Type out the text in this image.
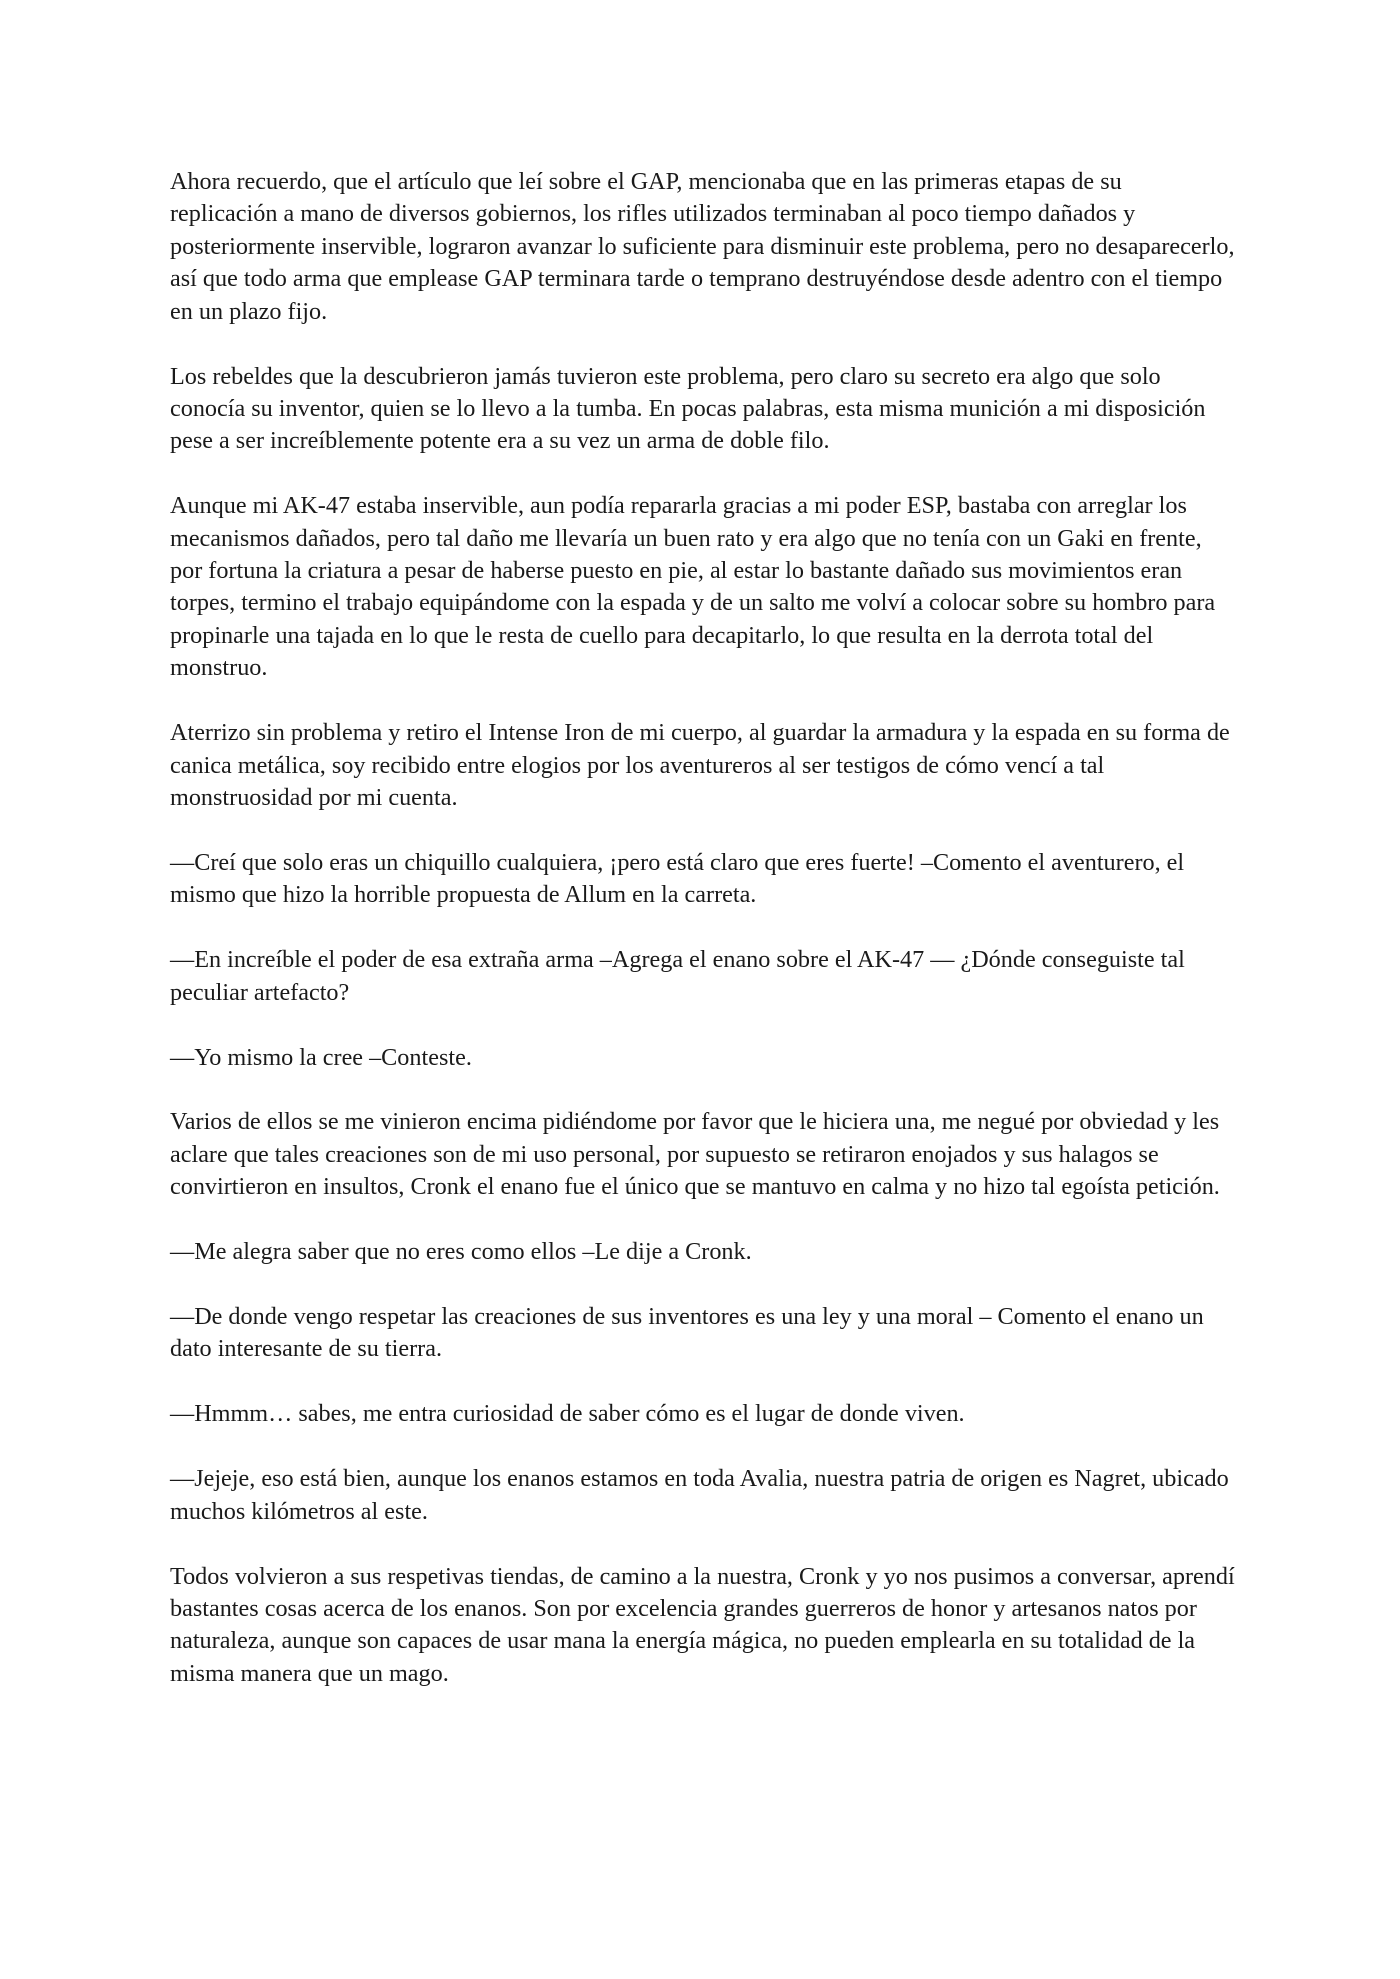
Ahora recuerdo, que el artículo que leí sobre el GAP, mencionaba que en las primeras etapas de su replicación a mano de diversos gobiernos, los rifles utilizados terminaban al poco tiempo dañados y posteriormente inservible, lograron avanzar lo suficiente para disminuir este problema, pero no desaparecerlo, así que todo arma que emplease GAP terminara tarde o temprano destruyéndose desde adentro con el tiempo en un plazo fijo.

Los rebeldes que la descubrieron jamás tuvieron este problema, pero claro su secreto era algo que solo conocía su inventor, quien se lo llevo a la tumba. En pocas palabras, esta misma munición a mi disposición pese a ser increíblemente potente era a su vez un arma de doble filo.

Aunque mi AK-47 estaba inservible, aun podía repararla gracias a mi poder ESP, bastaba con arreglar los mecanismos dañados, pero tal daño me llevaría un buen rato y era algo que no tenía con un Gaki en frente, por fortuna la criatura a pesar de haberse puesto en pie, al estar lo bastante dañado sus movimientos eran torpes, termino el trabajo equipándome con la espada y de un salto me volví a colocar sobre su hombro para propinarle una tajada en lo que le resta de cuello para decapitarlo, lo que resulta en la derrota total del monstruo.

Aterrizo sin problema y retiro el Intense Iron de mi cuerpo, al guardar la armadura y la espada en su forma de canica metálica, soy recibido entre elogios por los aventureros al ser testigos de cómo vencí a tal monstruosidad por mi cuenta.

—Creí que solo eras un chiquillo cualquiera, ¡pero está claro que eres fuerte! –Comento el aventurero, el mismo que hizo la horrible propuesta de Allum en la carreta.

—En increíble el poder de esa extraña arma –Agrega el enano sobre el AK-47 — ¿Dónde conseguiste tal peculiar artefacto?

—Yo mismo la cree –Conteste.

Varios de ellos se me vinieron encima pidiéndome por favor que le hiciera una, me negué por obviedad y les aclare que tales creaciones son de mi uso personal, por supuesto se retiraron enojados y sus halagos se convirtieron en insultos, Cronk el enano fue el único que se mantuvo en calma y no hizo tal egoísta petición.

—Me alegra saber que no eres como ellos –Le dije a Cronk.

—De donde vengo respetar las creaciones de sus inventores es una ley y una moral – Comento el enano un dato interesante de su tierra.

—Hmmm… sabes, me entra curiosidad de saber cómo es el lugar de donde viven.

—Jejeje, eso está bien, aunque los enanos estamos en toda Avalia, nuestra patria de origen es Nagret, ubicado muchos kilómetros al este.

Todos volvieron a sus respetivas tiendas, de camino a la nuestra, Cronk y yo nos pusimos a conversar, aprendí bastantes cosas acerca de los enanos. Son por excelencia grandes guerreros de honor y artesanos natos por naturaleza, aunque son capaces de usar mana la energía mágica, no pueden emplearla en su totalidad de la misma manera que un mago.
